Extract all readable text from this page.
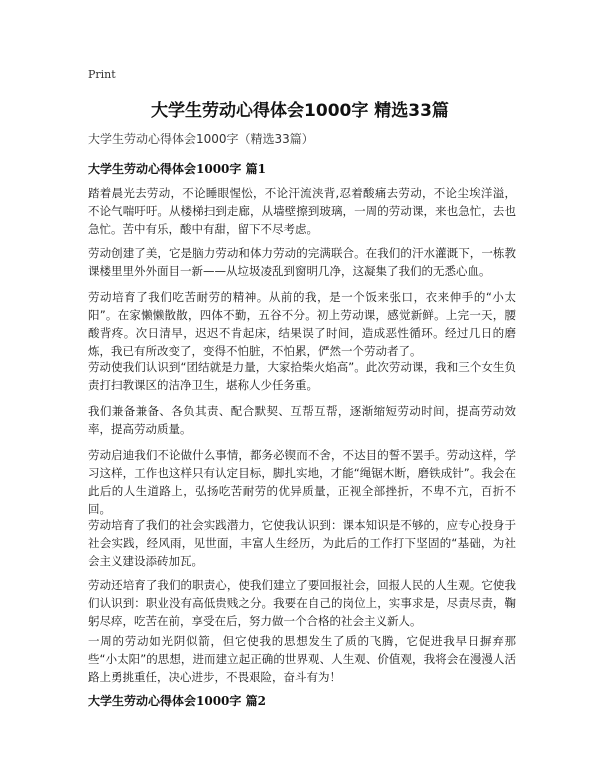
Print
大学生劳动心得体会1000字 精选33篇
大学生劳动心得体会1000字（精选33篇）
大学生劳动心得体会1000字 篇1

踏着晨光去劳动，不论睡眼惺忪，不论汗流浃背,忍着酸痛去劳动，不论尘埃洋溢，不论气喘吁吁。从楼梯扫到走廊，从墙壁擦到玻璃，一周的劳动课，来也急忙，去也急忙。苦中有乐，酸中有甜，留下不尽考虑。

劳动创建了美，它是脑力劳动和体力劳动的完满联合。在我们的汗水灌溉下，一栋教课楼里里外外面目一新——从垃圾凌乱到窗明几净，这凝集了我们的无悉心血。

劳动培育了我们吃苦耐劳的精神。从前的我，是一个饭来张口，衣来伸手的“小太阳”。在家懒懒散散，四体不勤，五谷不分。初上劳动课，感觉新鲜。上完一天，腰酸背疼。次日清早，迟迟不肯起床，结果误了时间，造成恶性循环。经过几日的磨炼，我已有所改变了，变得不怕脏，不怕累，俨然一个劳动者了。

劳动使我们认识到“团结就是力量，大家拾柴火焰高”。此次劳动课，我和三个女生负责打扫教课区的洁净卫生，堪称人少任务重。

我们兼备兼备、各负其责、配合默契、互帮互帮，逐渐缩短劳动时间，提高劳动效率，提高劳动质量。

劳动启迪我们不论做什么事情，都务必锲而不舍，不达目的誓不罢手。劳动这样，学习这样，工作也这样只有认定目标，脚扎实地，才能“绳锯木断，磨铁成针”。我会在此后的人生道路上，弘扬吃苦耐劳的优异质量，正视全部挫折，不卑不亢，百折不回。

劳动培育了我们的社会实践潜力，它使我认识到：课本知识是不够的，应专心投身于社会实践，经风雨，见世面，丰富人生经历，为此后的工作打下坚固的“基础，为社会主义建设添砖加瓦。

劳动还培育了我们的职责心，使我们建立了要回报社会，回报人民的人生观。它使我们认识到：职业没有高低贵贱之分。我要在自己的岗位上，实事求是，尽责尽责，鞠躬尽瘁，吃苦在前，享受在后，努力做一个合格的社会主义新人。

一周的劳动如光阴似箭，但它使我的思想发生了质的飞腾，它促进我早日摒弃那些“小太阳”的思想，进而建立起正确的世界观、人生观、价值观，我将会在漫漫人活路上勇挑重任，决心进步，不畏艰险，奋斗有为！

大学生劳动心得体会1000字 篇2
